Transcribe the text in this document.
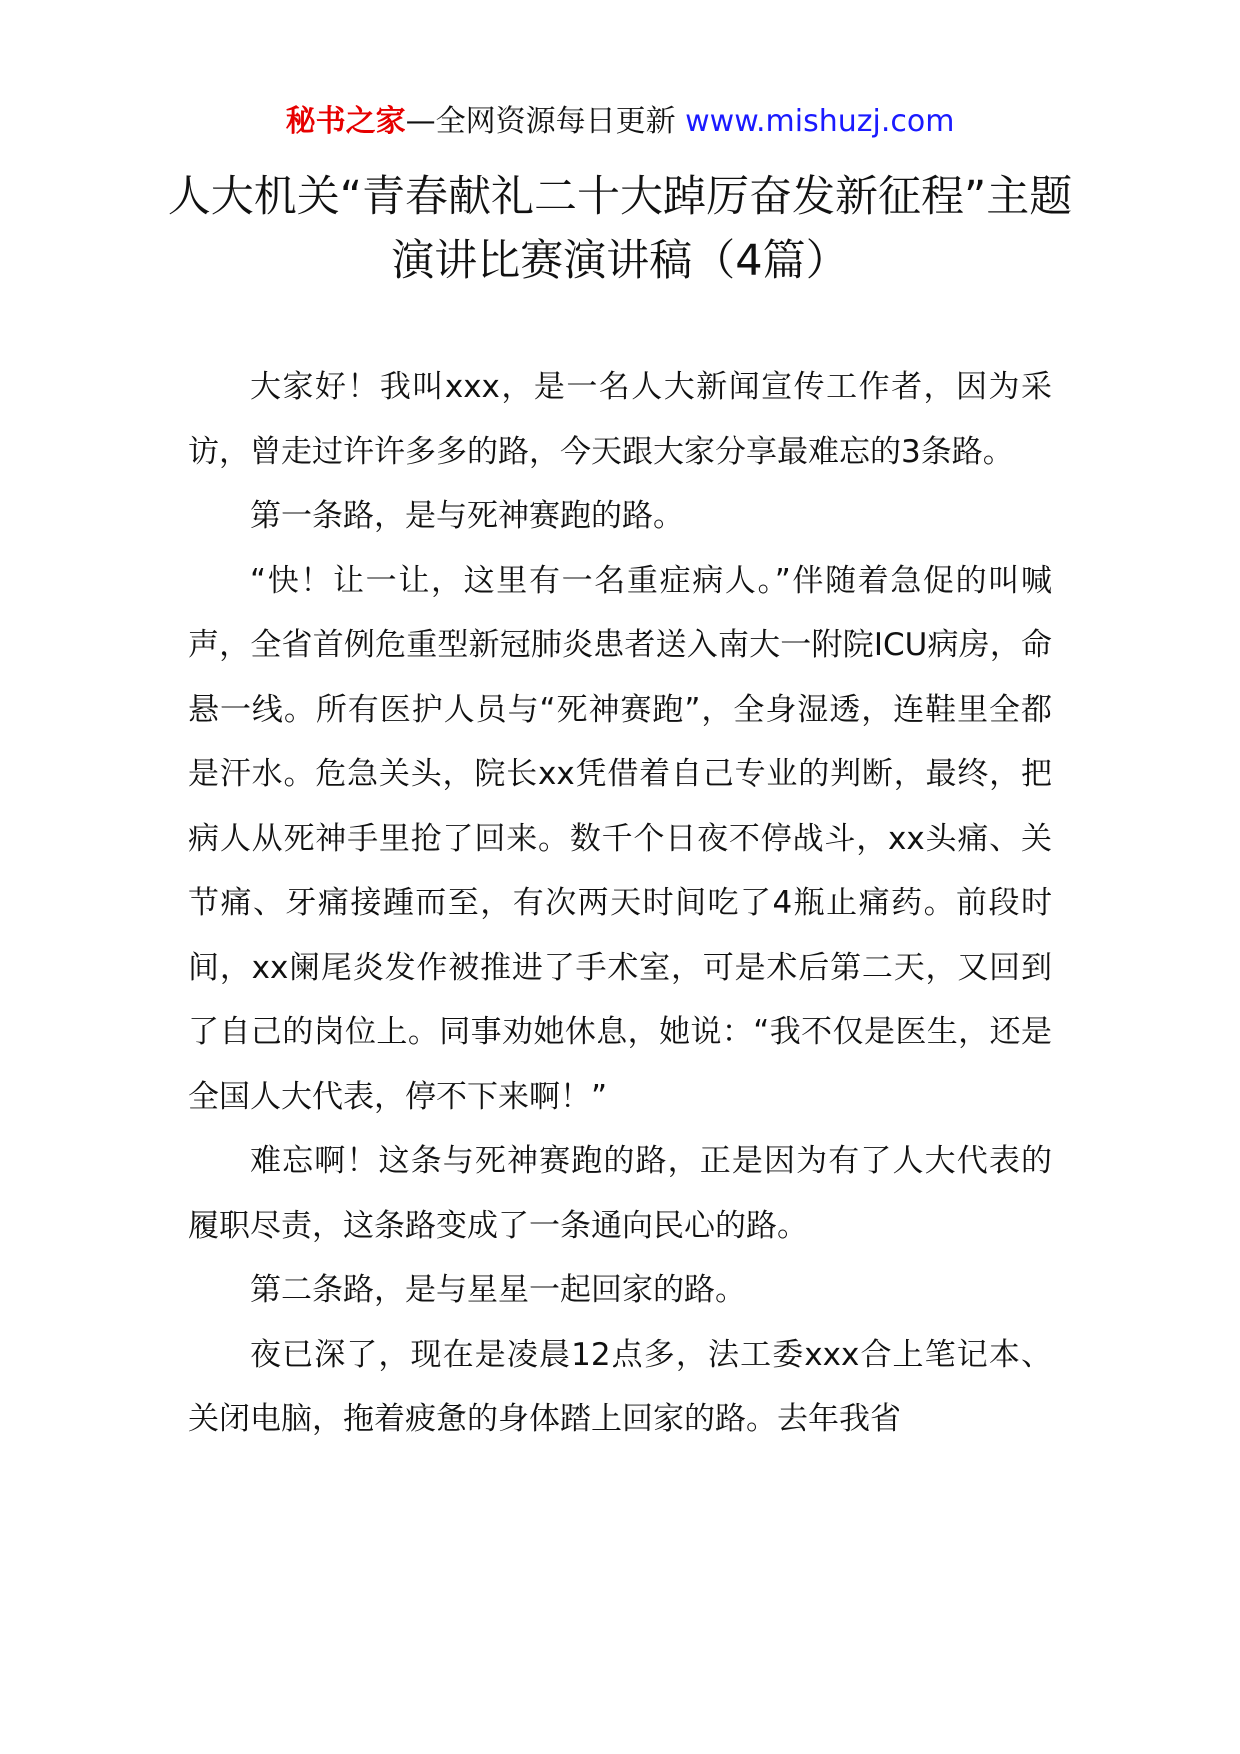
秘书之家—全网资源每日更新 www.mishuzj.com
人大机关“青春献礼二十大踔厉奋发新征程”主题演讲比赛演讲稿（4篇）

大家好！我叫xxx，是一名人大新闻宣传工作者，因为采访，曾走过许许多多的路，今天跟大家分享最难忘的3条路。

第一条路，是与死神赛跑的路。

“快！让一让，这里有一名重症病人。”伴随着急促的叫喊声，全省首例危重型新冠肺炎患者送入南大一附院ICU病房，命悬一线。所有医护人员与“死神赛跑”，全身湿透，连鞋里全都是汗水。危急关头，院长xx凭借着自己专业的判断，最终，把病人从死神手里抢了回来。数千个日夜不停战斗，xx头痛、关节痛、牙痛接踵而至，有次两天时间吃了4瓶止痛药。前段时间，xx阑尾炎发作被推进了手术室，可是术后第二天，又回到了自己的岗位上。同事劝她休息，她说：“我不仅是医生，还是全国人大代表，停不下来啊！”

难忘啊！这条与死神赛跑的路，正是因为有了人大代表的履职尽责，这条路变成了一条通向民心的路。

第二条路，是与星星一起回家的路。

夜已深了，现在是凌晨12点多，法工委xxx合上笔记本、关闭电脑，拖着疲惫的身体踏上回家的路。去年我省
